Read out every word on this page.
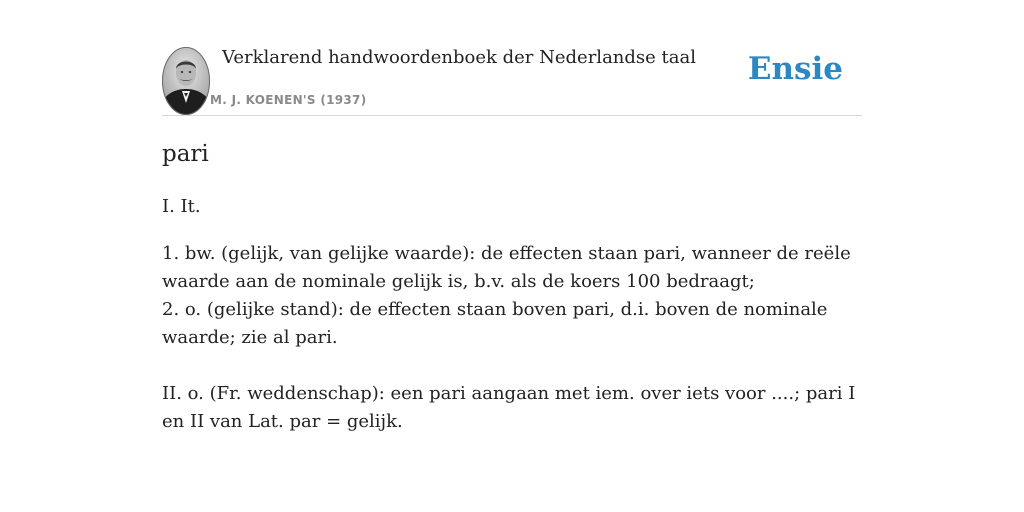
Verklarend handwoordenboek der Nederlandse taal
M. J. KOENEN'S (1937)
Ensie
pari

I. It.

1. bw. (gelijk, van gelijke waarde): de effecten staan pari, wanneer de reële waarde aan de nominale gelijk is, b.v. als de koers 100 bedraagt;

2. o. (gelijke stand): de effecten staan boven pari, d.i. boven de nominale waarde; zie al pari.

II. o. (Fr. weddenschap): een pari aangaan met iem. over iets voor ....; pari I en II van Lat. par = gelijk.
